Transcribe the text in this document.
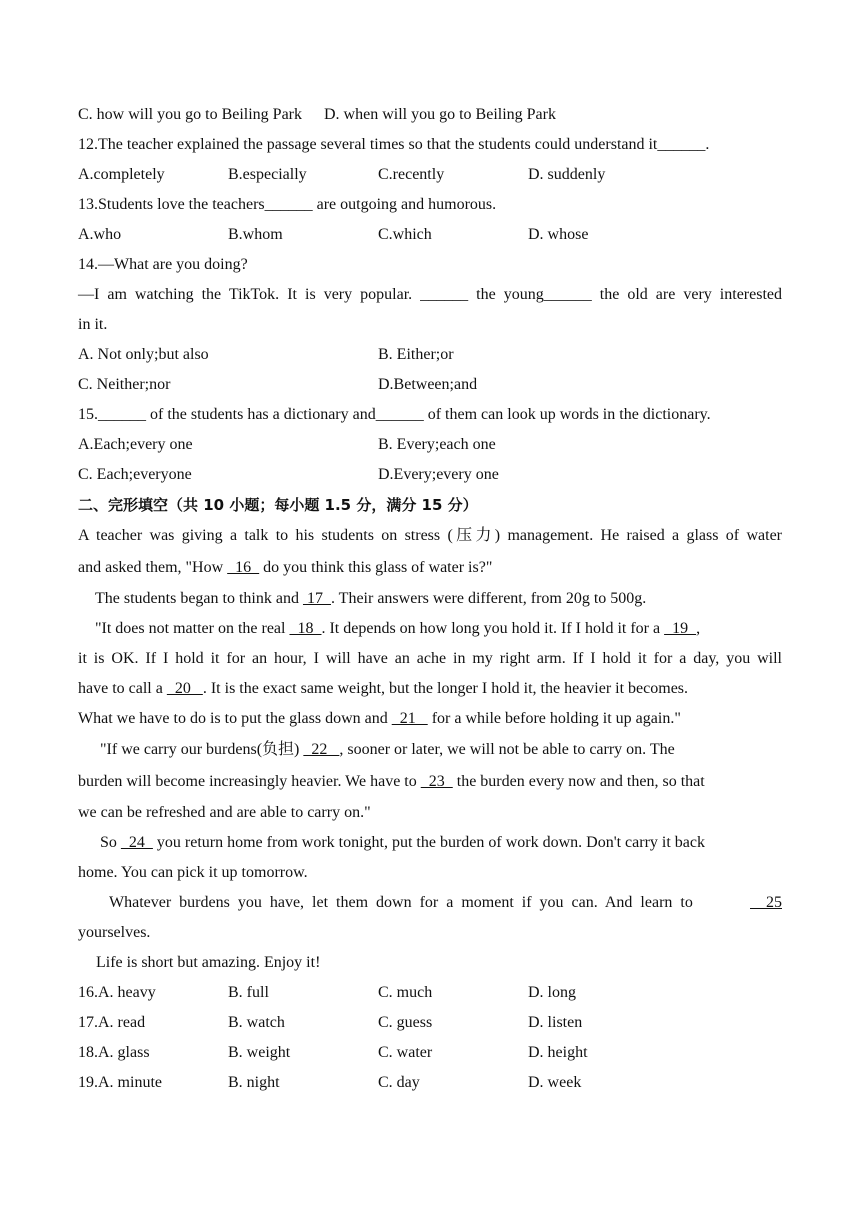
C. how will you go to Beiling Park D. when will you go to Beiling Park
12.The teacher explained the passage several times so that the students could understand it______.
A.completely	B.especially	C.recently	D. suddenly
13.Students love the teachers______ are outgoing and humorous.
A.who	B.whom	C.which	D. whose
14.—What are you doing?
—I am watching the TikTok. It is very popular. ______ the young______ the old are very interested
in it.
A. Not only;but also	B. Either;or
C. Neither;nor	D.Between;and
15.______ of the students has a dictionary and______ of them can look up words in the dictionary.
A.Each;every one	B. Every;each one
C. Each;everyone	D.Every;every one
二、完形填空（共 10 小题；每小题 1.5 分，满分 15 分）
A teacher was giving a talk to his students on stress (压力) management. He raised a glass of water
and asked them, "How   16   do you think this glass of water is?"
The students began to think and  17  . Their answers were different, from 20g to 500g.
"It does not matter on the real   18  . It depends on how long you hold it. If I hold it for a   19  ,
it is OK. If I hold it for an hour, I will have an ache in my right arm. If I hold it for a day, you will
have to call a   20   . It is the exact same weight, but the longer I hold it, the heavier it becomes.
What we have to do is to put the glass down and   21    for a while before holding it up again."
"If we carry our burdens(负担)   22   , sooner or later, we will not be able to carry on. The
burden will become increasingly heavier. We have to   23   the burden every now and then, so that
we can be refreshed and are able to carry on."
So   24   you return home from work tonight, put the burden of work down. Don't carry it back
home. You can pick it up tomorrow.
Whatever burdens you have, let them down for a moment if you can. And learn to	25
yourselves.
Life is short but amazing. Enjoy it!
16.A. heavy	B. full	C. much	D. long
17.A. read	B. watch	C. guess	D. listen
18.A. glass	B. weight	C. water	D. height
19.A. minute	B. night	C. day	D. week
